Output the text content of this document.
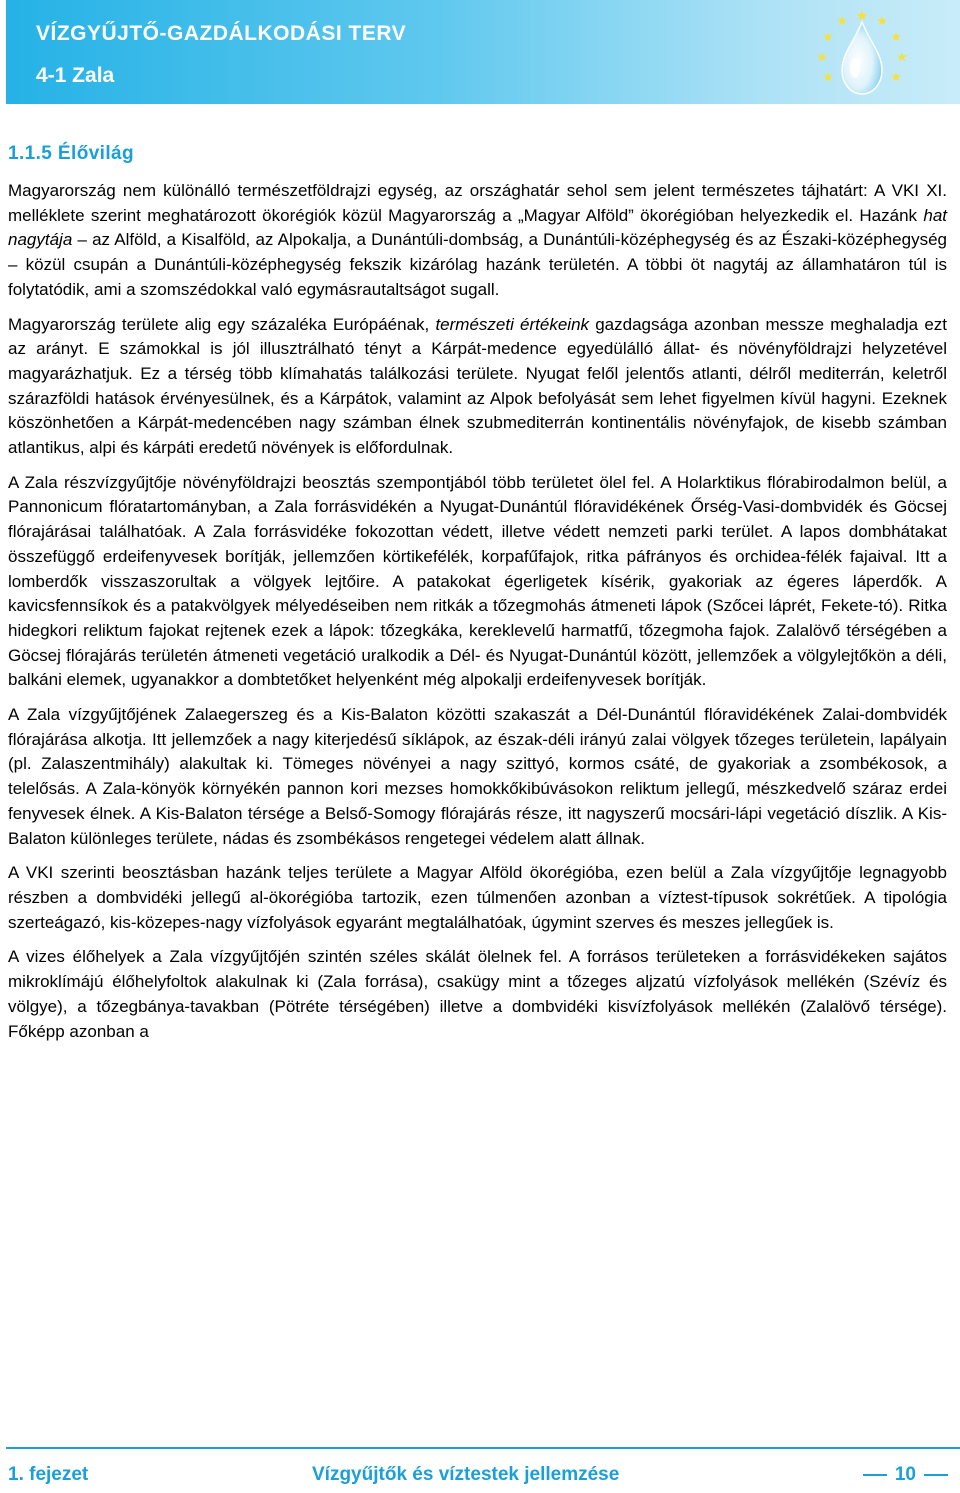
VÍZGYŰJTŐ-GAZDÁLKODÁSI TERV
4-1 Zala
1.1.5 Élővilág

Magyarország nem különálló természetföldrajzi egység, az országhatár sehol sem jelent természetes tájhatárt: A VKI XI. melléklete szerint meghatározott ökorégiók közül Magyarország a „Magyar Alföld” ökorégióban helyezkedik el. Hazánk hat nagytája – az Alföld, a Kisalföld, az Alpokalja, a Dunántúli-dombság, a Dunántúli-középhegység és az Északi-középhegység – közül csupán a Dunántúli-középhegység fekszik kizárólag hazánk területén. A többi öt nagytáj az államhatáron túl is folytatódik, ami a szomszédokkal való egymásrautaltságot sugall.

Magyarország területe alig egy százaléka Európáénak, természeti értékeink gazdagsága azonban messze meghaladja ezt az arányt. E számokkal is jól illusztrálható tényt a Kárpát-medence egyedülálló állat- és növényföldrajzi helyzetével magyarázhatjuk. Ez a térség több klímahatás találkozási területe. Nyugat felől jelentős atlanti, délről mediterrán, keletről szárazföldi hatások érvényesülnek, és a Kárpátok, valamint az Alpok befolyását sem lehet figyelmen kívül hagyni. Ezeknek köszönhetően a Kárpát-medencében nagy számban élnek szubmediterrán kontinentális növényfajok, de kisebb számban atlantikus, alpi és kárpáti eredetű növények is előfordulnak.

A Zala részvízgyűjtője növényföldrajzi beosztás szempontjából több területet ölel fel. A Holarktikus flórabirodalmon belül, a Pannonicum flóratartományban, a Zala forrásvidékén a Nyugat-Dunántúl flóravidékének Őrség-Vasi-dombvidék és Göcsej flórajárásai találhatóak. A Zala forrásvidéke fokozottan védett, illetve védett nemzeti parki terület. A lapos dombhátakat összefüggő erdeifenyvesek borítják, jellemzően körtikefélék, korpafűfajok, ritka páfrányos és orchidea-félék fajaival. Itt a lomberdők visszaszorultak a völgyek lejtőire. A patakokat égerligetek kísérik, gyakoriak az égeres láperdők. A kavicsfennsíkok és a patakvölgyek mélyedéseiben nem ritkák a tőzegmohás átmeneti lápok (Szőcei láprét, Fekete-tó). Ritka hidegkori reliktum fajokat rejtenek ezek a lápok: tőzegkáka, kereklevelű harmatfű, tőzegmoha fajok. Zalalövő térségében a Göcsej flórajárás területén átmeneti vegetáció uralkodik a Dél- és Nyugat-Dunántúl között, jellemzőek a völgylejtőkön a déli, balkáni elemek, ugyanakkor a dombtetőket helyenként még alpokalji erdeifenyvesek borítják.

A Zala vízgyűjtőjének Zalaegerszeg és a Kis-Balaton közötti szakaszát a Dél-Dunántúl flóravidékének Zalai-dombvidék flórajárása alkotja. Itt jellemzőek a nagy kiterjedésű síklápok, az észak-déli irányú zalai völgyek tőzeges területein, lapályain (pl. Zalaszentmihály) alakultak ki. Tömeges növényei a nagy szittyó, kormos csáté, de gyakoriak a zsombékosok, a telelősás. A Zala-könyök környékén pannon kori mezses homokkőkibúvásokon reliktum jellegű, mészkedvelő száraz erdei fenyvesek élnek. A Kis-Balaton térsége a Belső-Somogy flórajárás része, itt nagyszerű mocsári-lápi vegetáció díszlik. A Kis-Balaton különleges területe, nádas és zsombékásos rengetegei védelem alatt állnak.

A VKI szerinti beosztásban hazánk teljes területe a Magyar Alföld ökorégióba, ezen belül a Zala vízgyűjtője legnagyobb részben a dombvidéki jellegű al-ökorégióba tartozik, ezen túlmenően azonban a víztest-típusok sokrétűek. A tipológia szerteágazó, kis-közepes-nagy vízfolyások egyaránt megtalálhatóak, úgymint szerves és meszes jellegűek is.

A vizes élőhelyek a Zala vízgyűjtőjén szintén széles skálát ölelnek fel. A forrásos területeken a forrásvidékeken sajátos mikroklímájú élőhelyfoltok alakulnak ki (Zala forrása), csakügy mint a tőzeges aljzatú vízfolyások mellékén (Szévíz és völgye), a tőzegbánya-tavakban (Pötréte térségében) illetve a dombvidéki kisvízfolyások mellékén (Zalalövő térsége). Főképp azonban a

1. fejezet	Vízgyűjtők és víztestek jellemzése	10
